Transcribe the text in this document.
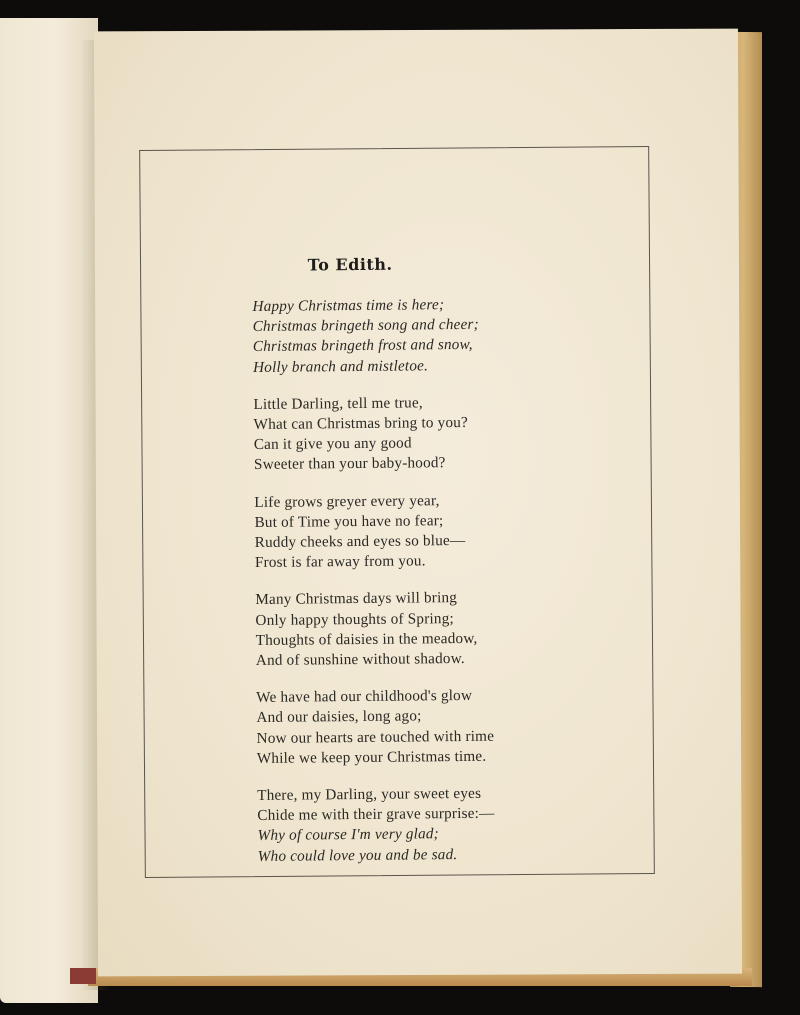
To Edith.
Happy Christmas time is here;
Christmas bringeth song and cheer;
Christmas bringeth frost and snow,
Holly branch and mistletoe.
Little Darling, tell me true,
What can Christmas bring to you?
Can it give you any good
Sweeter than your baby-hood?
Life grows greyer every year,
But of Time you have no fear;
Ruddy cheeks and eyes so blue—
Frost is far away from you.
Many Christmas days will bring
Only happy thoughts of Spring;
Thoughts of daisies in the meadow,
And of sunshine without shadow.
We have had our childhood's glow
And our daisies, long ago;
Now our hearts are touched with rime
While we keep your Christmas time.
There, my Darling, your sweet eyes
Chide me with their grave surprise:—
Why of course I'm very glad;
Who could love you and be sad.
